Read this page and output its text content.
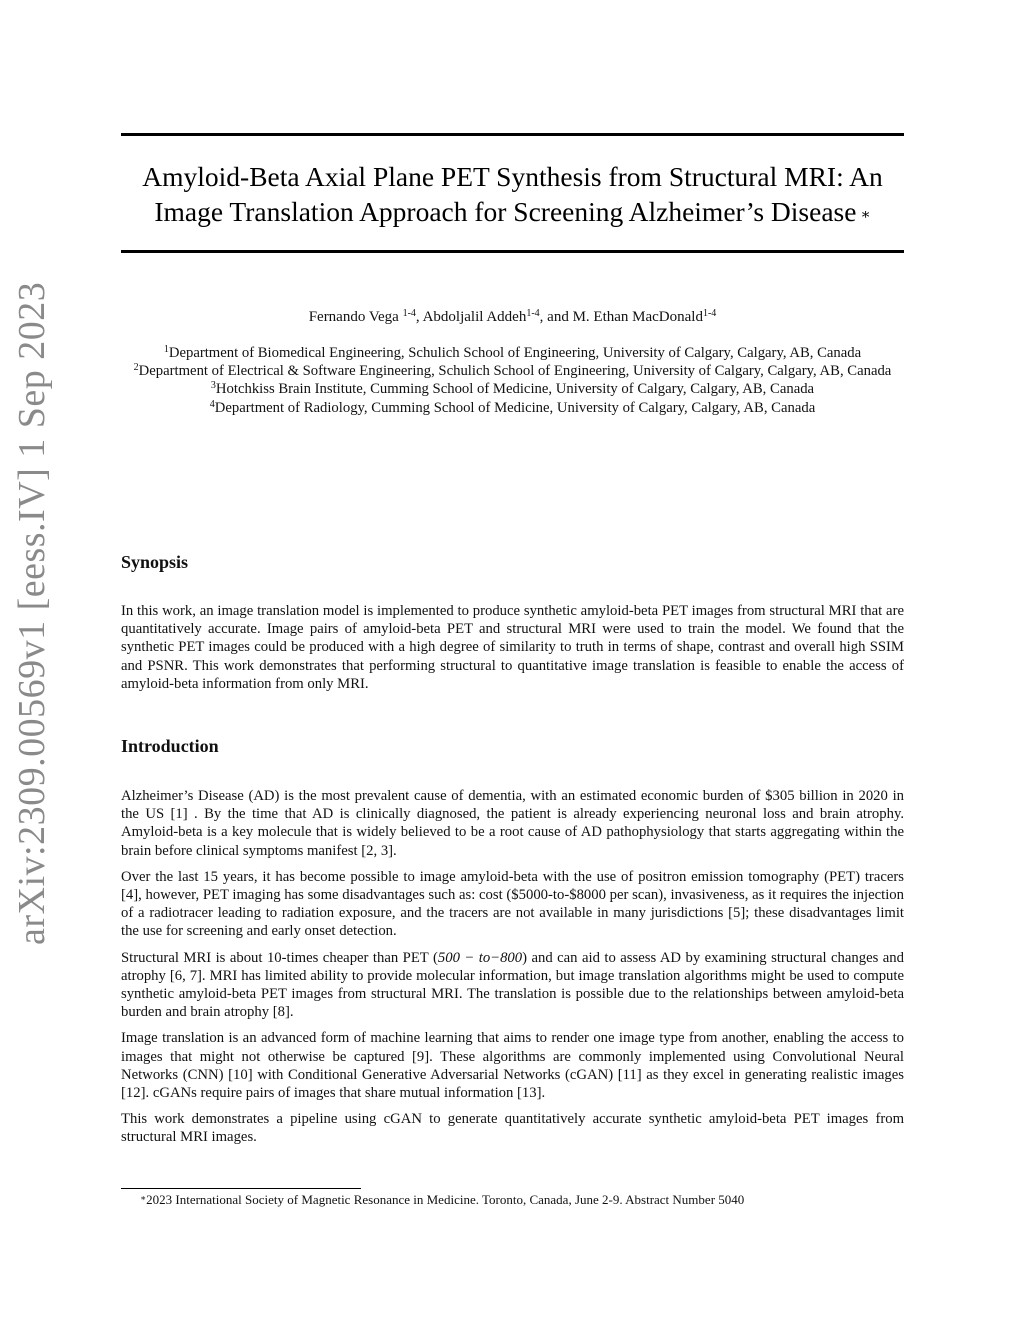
arXiv:2309.00569v1 [eess.IV] 1 Sep 2023
Amyloid-Beta Axial Plane PET Synthesis from Structural MRI: An
Image Translation Approach for Screening Alzheimer’s Disease ∗
Fernando Vega $^{1-4}$, Abdoljalil Addeh$^{1-4}$, and M. Ethan MacDonald$^{1-4}$
$^1$Department of Biomedical Engineering, Schulich School of Engineering, University of Calgary, Calgary, AB, Canada
$^2$Department of Electrical & Software Engineering, Schulich School of Engineering, University of Calgary, Calgary, AB, Canada
$^3$Hotchkiss Brain Institute, Cumming School of Medicine, University of Calgary, Calgary, AB, Canada
$^4$Department of Radiology, Cumming School of Medicine, University of Calgary, Calgary, AB, Canada
Synopsis

In this work, an image translation model is implemented to produce synthetic amyloid-beta PET images from structural MRI that are quantitatively accurate. Image pairs of amyloid-beta PET and structural MRI were used to train the model. We found that the synthetic PET images could be produced with a high degree of similarity to truth in terms of shape, contrast and overall high SSIM and PSNR. This work demonstrates that performing structural to quantitative image translation is feasible to enable the access of amyloid-beta information from only MRI.

Introduction

Alzheimer’s Disease (AD) is the most prevalent cause of dementia, with an estimated economic burden of $305 billion in 2020 in the US [1] . By the time that AD is clinically diagnosed, the patient is already experiencing neuronal loss and brain atrophy. Amyloid-beta is a key molecule that is widely believed to be a root cause of AD pathophysiology that starts aggregating within the brain before clinical symptoms manifest [2, 3].

Over the last 15 years, it has become possible to image amyloid-beta with the use of positron emission tomography (PET) tracers [4], however, PET imaging has some disadvantages such as: cost ($5000-to-$8000 per scan), invasiveness, as it requires the injection of a radiotracer leading to radiation exposure, and the tracers are not available in many jurisdictions [5]; these disadvantages limit the use for screening and early onset detection.

Structural MRI is about 10-times cheaper than PET (500 − to−800) and can aid to assess AD by examining structural changes and atrophy [6, 7]. MRI has limited ability to provide molecular information, but image translation algorithms might be used to compute synthetic amyloid-beta PET images from structural MRI. The translation is possible due to the relationships between amyloid-beta burden and brain atrophy [8].

Image translation is an advanced form of machine learning that aims to render one image type from another, enabling the access to images that might not otherwise be captured [9]. These algorithms are commonly implemented using Convolutional Neural Networks (CNN) [10] with Conditional Generative Adversarial Networks (cGAN) [11] as they excel in generating realistic images [12]. cGANs require pairs of images that share mutual information [13].

This work demonstrates a pipeline using cGAN to generate quantitatively accurate synthetic amyloid-beta PET images from structural MRI images.

∗2023 International Society of Magnetic Resonance in Medicine. Toronto, Canada, June 2-9. Abstract Number 5040
